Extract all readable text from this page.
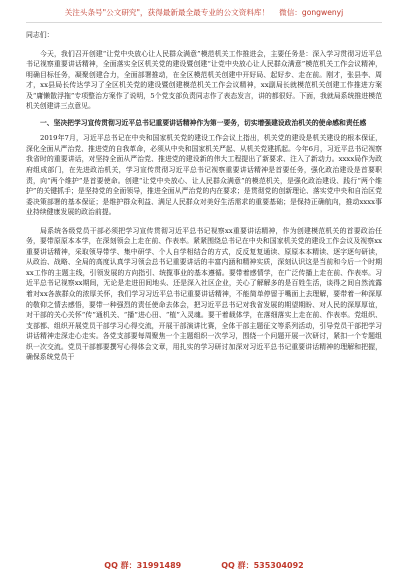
关注头条号"公文研究"，获得最新最全最专业的公文资料库！ 微信：gongwenyj

同志们：

今天，我们召开创建“让党中央放心让人民群众满意”模范机关工作推进会，主要任务是：深入学习贯彻习近平总书记视察重要讲话精神，全面落实全区机关党的建设暨创建“让党中央放心让人民群众满意”模范机关工作会议精神，明确目标任务，凝聚创建合力，全面部署推动，在全区模范机关创建中开好局、起好步、走在前。刚才，张县李、周才，xx县局长传达学习了全区机关党的建设暨创建模范机关工作会议精神，xx副局长就模范机关创建工作推进方案及“庸懒散浮拖”专项整治方案作了说明，5个党支部负责同志作了表态发言，讲的都很好。下面，我就局系统推进模范机关创建讲三点意见。

一、坚决把学习宣传贯彻习近平总书记重要讲话精神作为第一要务，切实增强建设政治机关的使命感和责任感

2019年7月，习近平总书记在中央和国家机关党的建设工作会议上指出，机关党的建设是机关建设的根本保证，深化全面从严治党、推进党的自我革命，必须从中央和国家机关严起、从机关党建抓起。今年6月，习近平总书记视察我省时的重要讲话，对坚持全面从严治党、推进党的建设新的伟大工程提出了新要求、注入了新动力。xxxx局作为政府组成部门，在先进政治机关，学习宣传贯彻习近平总书记视察重要讲话精神是首要任务，强化政治建设是首要职责，向“两个维护”是首要使命。创建“让党中央放心、让人民群众满意”的模范机关，是强化政治建设、践行“两个维护”的关键抓手；是坚持党的全面领导，推进全面从严治党的内在要求；是贯彻党的创新理论、落实党中央和自治区党委决策部署的基本保证；是维护群众利益、满足人民群众对美好生活需求的重要基础；是保持正确航向，推动xxxx事业持续健康发展的政治前提。

局系统各级党员干部必须把学习宣传贯彻习近平总书记视察xx重要讲话精神，作为创建模范机关的首要政治任务，要带原原本本学，在深刻领会上走在前、作表率。紧紧围绕总书记在中央和国家机关党的建设工作会议及视察xx重要讲话精神，采取领导带学、集中研学、个人自学相结合的方式，反反复复通读、原原本本精读、逐字逐句研读，从政治、战略、全局的高度认真学习领会总书记重要讲话的丰富内涵和精神实质，深刻认识这是当前和今后一个时期xx工作的主题主线，引领发展的方向指引、统揽事业的基本遵循。要带着感情学，在广泛传播上走在前、作表率。习近平总书记视察xx期间，无论是走进田间地头、还是深入社区企业，关心了解解多的是百姓生活，谈得之间自然流露着对xx各族群众的浓厚关怀，我们学习习近平总书记重要讲话精神，不能简单停留于嘴面上去理解，要带着一种深厚的敬仰之情去感悟，要带一种强烈的责任使命去体会，把习近平总书记对我省发展的期望期盼、对人民的深厚厚谊，对干部的关心关怀“传”通机关、“播”进心田、“植”入灵魂。要干着载体学，在落细落实上走在前、作表率。党组织、支部都、组织开展党员干部学习心得交流，开展干部演讲比赛，全体干部主题征文等系列活动，引导党员干部把学习讲话精神走深走心走实。各党支部要每周聚焦一个主题组织一次学习，围绕一个问题开展一次研讨，紧扣一个专题组织一次交流。党员干部都要撰写心得体会文章，用扎实的学习研讨加深对习近平总书记重要讲话精神的理解和把握，确保系统党员干

QQ 群：31991489	QQ 群：535304092
